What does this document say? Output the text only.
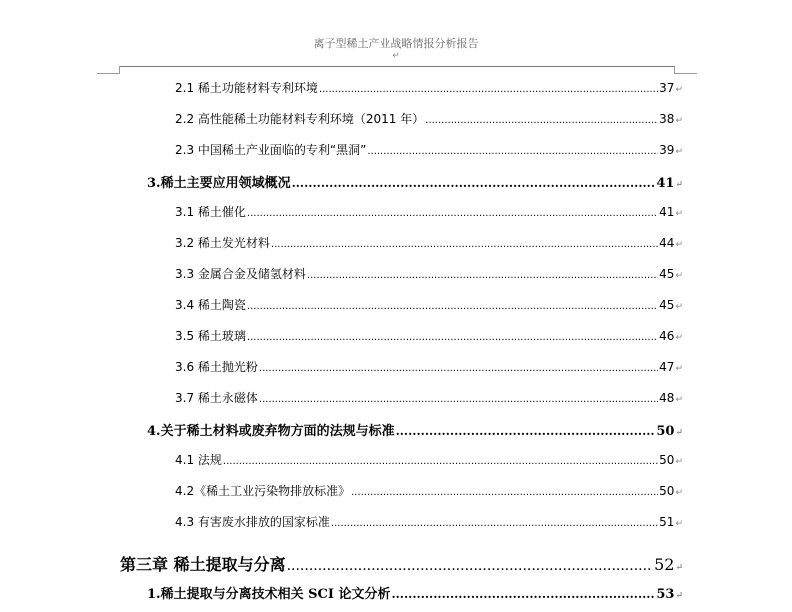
离子型稀土产业战略情报分析报告
↵
2.1 稀土功能材料专利环境 .....	37 ↵
2.2 高性能稀土功能材料专利环境（2011 年） .....	38 ↵
2.3 中国稀土产业面临的专利“黑洞” .....	39 ↵
3.稀土主要应用领域概况 .....	41 ↵
3.1 稀土催化 .....	41 ↵
3.2 稀土发光材料 .....	44 ↵
3.3 金属合金及储氢材料 .....	45 ↵
3.4 稀土陶瓷 .....	45 ↵
3.5 稀土玻璃 .....	46 ↵
3.6 稀土抛光粉 .....	47 ↵
3.7 稀土永磁体 .....	48 ↵
4.关于稀土材料或废弃物方面的法规与标准 .....	50 ↵
4.1 法规 .....	50 ↵
4.2《稀土工业污染物排放标准》 .....	50 ↵
4.3 有害废水排放的国家标准 .....	51 ↵
第三章 稀土提取与分离 .....	52 ↵
1.稀土提取与分离技术相关 SCI 论文分析 .....	53 ↵
